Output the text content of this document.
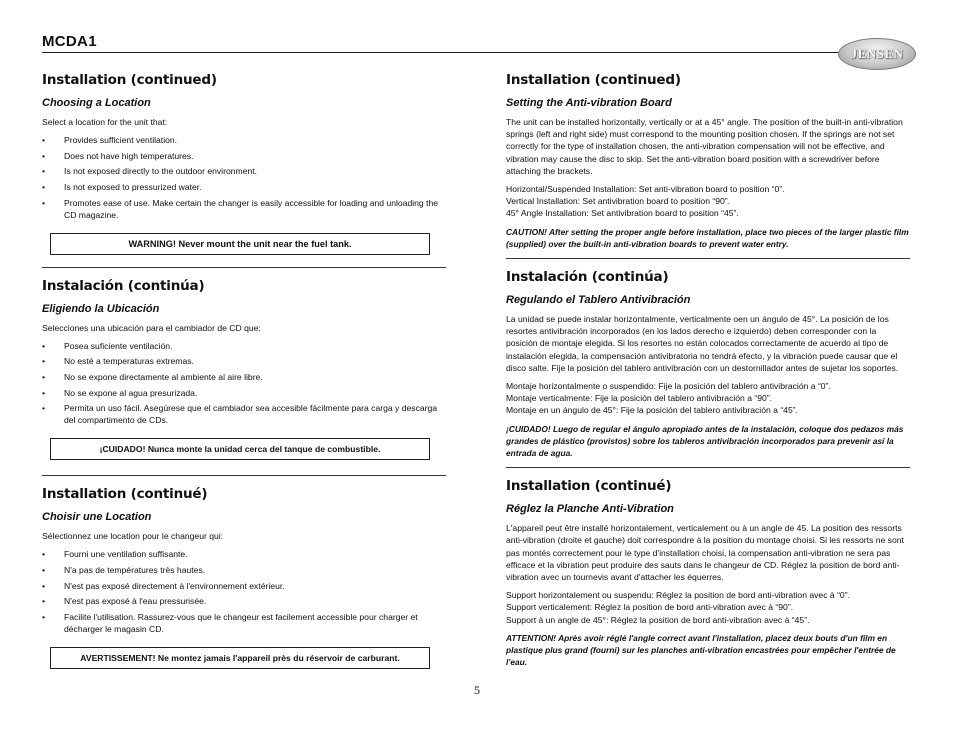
MCDA1
JENSEN
Installation (continued)
Choosing a Location

Select a location for the unit that:

• Provides sufficient ventilation.
• Does not have high temperatures.
• Is not exposed directly to the outdoor environment.
• Is not exposed to pressurized water.
• Promotes ease of use. Make certain the changer is easily accessible for loading and unloading the CD magazine.
WARNING! Never mount the unit near the fuel tank.
Instalación (continúa)
Eligiendo la Ubicación

Selecciones una ubicación para el cambiador de CD que:

• Posea suficiente ventilación.
• No esté a temperaturas extremas.
• No se expone directamente al ambiente al aire libre.
• No se expone al agua presurizada.
• Permita un uso fácil. Asegúrese que el cambiador sea accesible fácilmente para carga y descarga del compartimento de CDs.
¡CUIDADO! Nunca monte la unidad cerca del tanque de combustible.
Installation (continué)
Choisir une Location

Sélectionnez une location pour le changeur qui:

• Fourni une ventilation suffisante.
• N'a pas de températures très hautes.
• N'est pas exposé directement à l'environnement extérieur.
• N'est pas exposé à l'eau pressurisée.
• Facilite l'utilisation. Rassurez-vous que le changeur est facilement accessible pour charger et décharger le magasin CD.
AVERTISSEMENT! Ne montez jamais l'appareil près du réservoir de carburant.
Installation (continued)
Setting the Anti-vibration Board

The unit can be installed horizontally, vertically or at a 45° angle. The position of the built-in anti-vibration springs (left and right side) must correspond to the mounting position chosen. If the springs are not set correctly for the type of installation chosen, the anti-vibration compensation will not be effective, and vibration may cause the disc to skip. Set the anti-vibration board position with a screwdriver before attaching the brackets.

Horizontal/Suspended Installation: Set anti-vibration board to position “0”.

Vertical Installation: Set antivibration board to position “90”.

45° Angle Installation: Set antivibration board to position “45”.

CAUTION! After setting the proper angle before installation, place two pieces of the larger plastic film (supplied) over the built-in anti-vibration boards to prevent water entry.

Instalación (continúa)
Regulando el Tablero Antivibración

La unidad se puede instalar horizontalmente, verticalmente oen un ángulo de 45°. La posición de los resortes antivibración incorporados (en los lados derecho e izquierdo) deben corresponder con la posición de montaje elegida. Si los resortes no están colocados correctamente de acuerdo al tipo de instalación elegida, la compensación antivibratoria no tendrá efecto, y la vibración puede causar que el disco salte. Fije la posición del tablero antivibración con un destornillador antes de sujetar los soportes.

Montaje horizontalmente o suspendido: Fije la posición del tablero antivibración a “0”.

Montaje verticalmente: Fije la posición del tablero antivibración a “90”.

Montaje en un ángulo de 45°: Fije la posición del tablero antivibración a “45”.

¡CUIDADO! Luego de regular el ángulo apropiado antes de la instalación, coloque dos pedazos más grandes de plástico (provistos) sobre los tableros antivibración incorporados para prevenir así la entrada de agua.

Installation (continué)
Réglez la Planche Anti-Vibration

L'appareil peut être installé horizontalement, verticalement ou à un angle de 45. La position des ressorts anti-vibration (droite et gauche) doit correspondre à la position du montage choisi. Si les ressorts ne sont pas montés correctement pour le type d'installation choisi, la compensation anti-vibration ne sera pas efficace et la vibration peut produire des sauts dans le changeur de CD. Réglez la position de bord anti-vibration avec un tournevis avant d'attacher les équerres.

Support horizontalement ou suspendu: Réglez la position de bord anti-vibration avec à “0”.

Support verticalement: Réglez la position de bord anti-vibration avec à “90”.

Support à un angle de 45°: Réglez la position de bord anti-vibration avec à “45”.

ATTENTION! Après avoir réglé l'angle correct avant l'installation, placez deux bouts d'un film en plastique plus grand (fourni) sur les planches anti-vibration encastrées pour empêcher l'entrée de l'eau.

5
